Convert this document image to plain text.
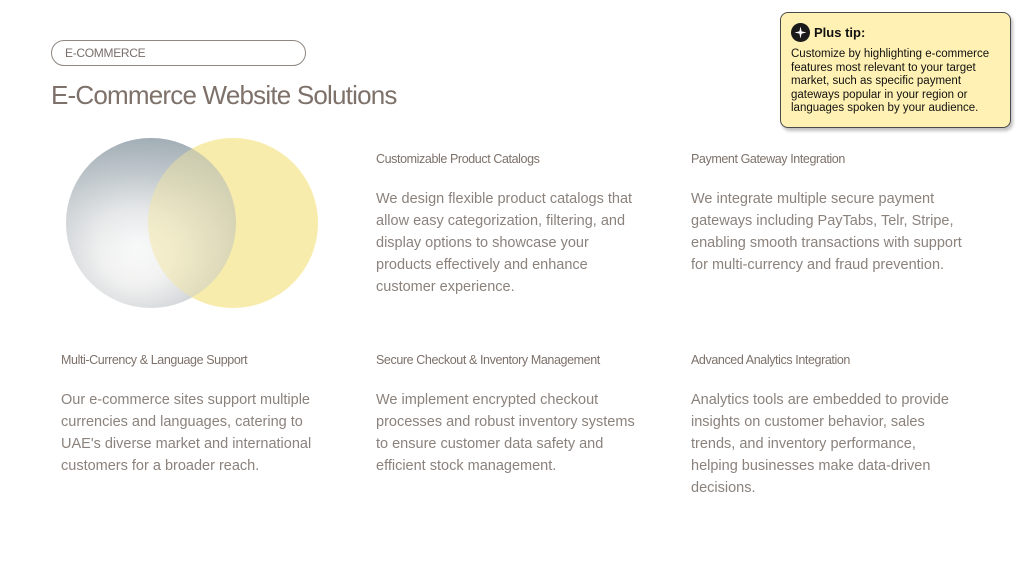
E-COMMERCE
E-Commerce Website Solutions
Customizable Product Catalogs

We design flexible product catalogs that allow easy categorization, filtering, and display options to showcase your products effectively and enhance customer experience.

Payment Gateway Integration

We integrate multiple secure payment gateways including PayTabs, Telr, Stripe, enabling smooth transactions with support for multi-currency and fraud prevention.

Multi-Currency & Language Support

Our e-commerce sites support multiple currencies and languages, catering to UAE's diverse market and international customers for a broader reach.

Secure Checkout & Inventory Management

We implement encrypted checkout processes and robust inventory systems to ensure customer data safety and efficient stock management.

Advanced Analytics Integration

Analytics tools are embedded to provide insights on customer behavior, sales trends, and inventory performance, helping businesses make data-driven decisions.

Plus tip:

Customize by highlighting e-commerce features most relevant to your target market, such as specific payment gateways popular in your region or languages spoken by your audience.
